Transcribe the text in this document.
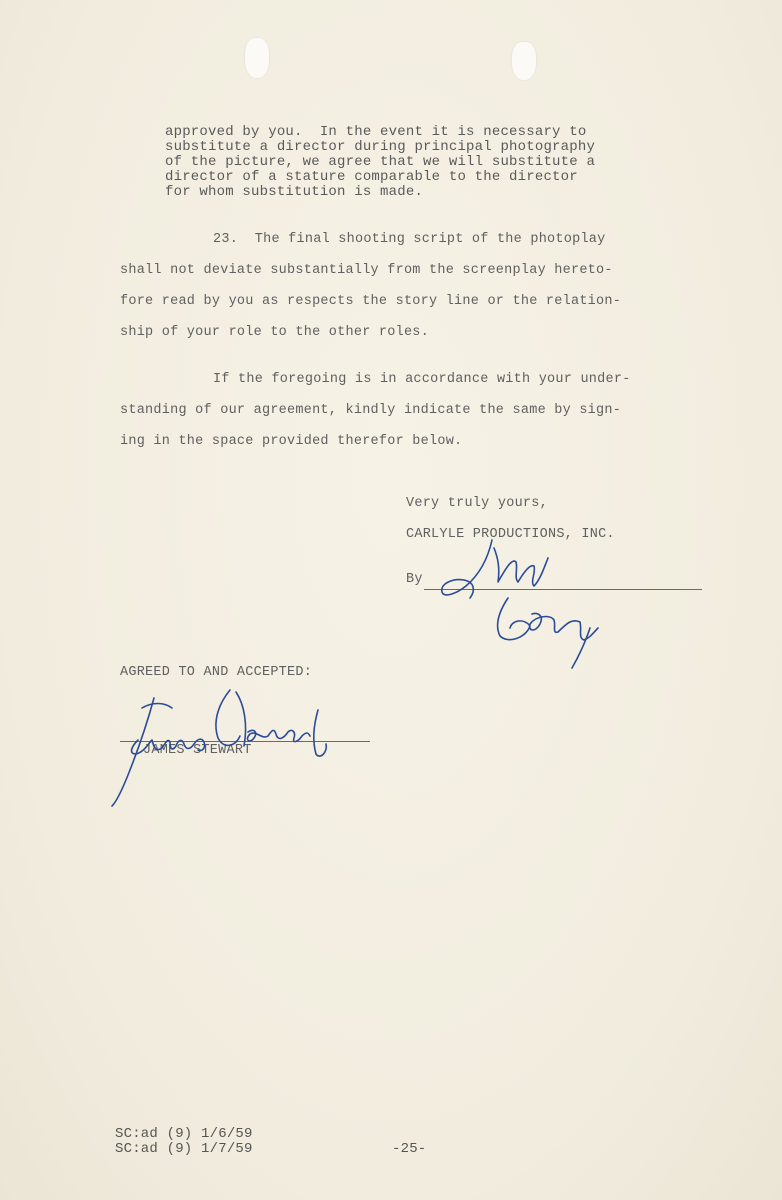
approved by you.  In the event it is necessary to
substitute a director during principal photography
of the picture, we agree that we will substitute a
director of a stature comparable to the director
for whom substitution is made.
23.  The final shooting script of the photoplay
shall not deviate substantially from the screenplay hereto-
fore read by you as respects the story line or the relation-
ship of your role to the other roles.
If the foregoing is in accordance with your under-
standing of our agreement, kindly indicate the same by sign-
ing in the space provided therefor below.
Very truly yours,
CARLYLE PRODUCTIONS, INC.
By
AGREED TO AND ACCEPTED:
JAMES STEWART
SC:ad (9) 1/6/59
SC:ad (9) 1/7/59	-25-
